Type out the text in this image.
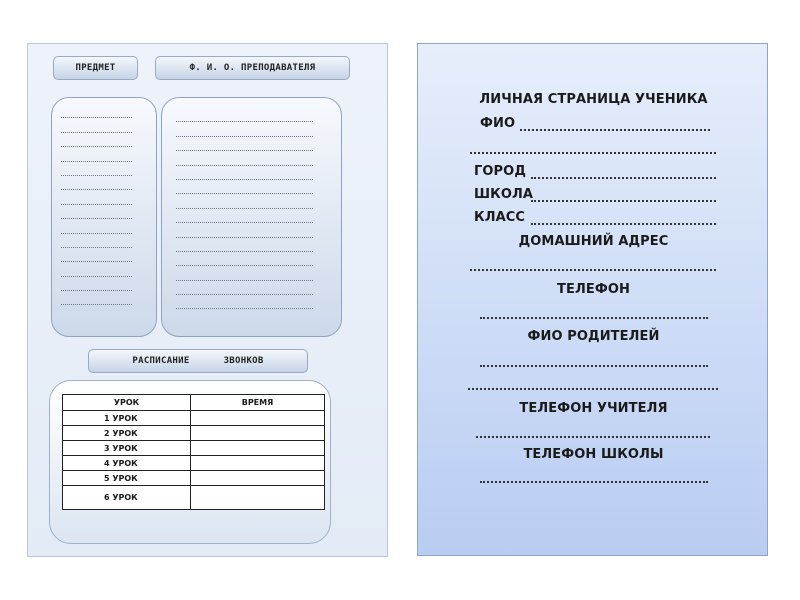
ПРЕДМЕТ	Ф. И. О. ПРЕПОДАВАТЕЛЯ
РАСПИСАНИЕ	ЗВОНКОВ
УРОК	ВРЕМЯ
1 УРОК	
2 УРОК	
3 УРОК	
4 УРОК	
5 УРОК	
6 УРОК	
ЛИЧНАЯ СТРАНИЦА УЧЕНИКА
ФИО
ГОРОД
ШКОЛА
КЛАСС
ДОМАШНИЙ АДРЕС
ТЕЛЕФОН
ФИО РОДИТЕЛЕЙ
ТЕЛЕФОН УЧИТЕЛЯ
ТЕЛЕФОН ШКОЛЫ
